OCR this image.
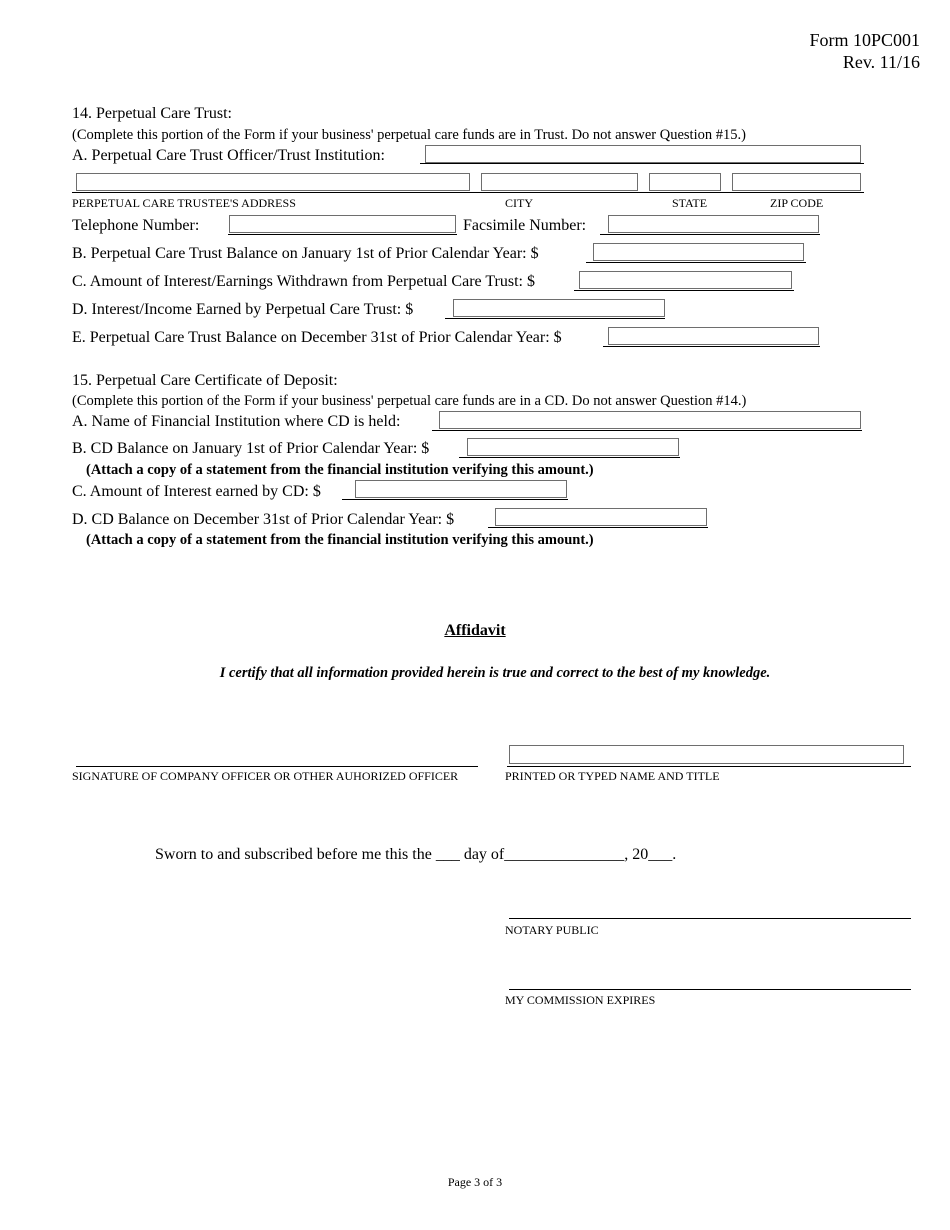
Form 10PC001
Rev. 11/16
14. Perpetual Care Trust:
(Complete this portion of the Form if your business' perpetual care funds are in Trust. Do not answer Question #15.)
A. Perpetual Care Trust Officer/Trust Institution:
PERPETUAL CARE TRUSTEE'S ADDRESS	CITY	STATE	ZIP CODE
Telephone Number:	Facsimile Number:
B. Perpetual Care Trust Balance on January 1st of Prior Calendar Year: $
C. Amount of Interest/Earnings Withdrawn from Perpetual Care Trust: $
D. Interest/Income Earned by Perpetual Care Trust: $
E. Perpetual Care Trust Balance on December 31st of Prior Calendar Year: $
15. Perpetual Care Certificate of Deposit:
(Complete this portion of the Form if your business' perpetual care funds are in a CD. Do not answer Question #14.)
A. Name of Financial Institution where CD is held:
B. CD Balance on January 1st of Prior Calendar Year: $
(Attach a copy of a statement from the financial institution verifying this amount.)
C. Amount of Interest earned by CD: $
D. CD Balance on December 31st of Prior Calendar Year: $
(Attach a copy of a statement from the financial institution verifying this amount.)
Affidavit
I certify that all information provided herein is true and correct to the best of my knowledge.
SIGNATURE OF COMPANY OFFICER OR OTHER AUHORIZED OFFICER	PRINTED OR TYPED NAME AND TITLE
Sworn to and subscribed before me this the ___ day of_______________, 20___.
NOTARY PUBLIC
MY COMMISSION EXPIRES
Page 3 of 3
